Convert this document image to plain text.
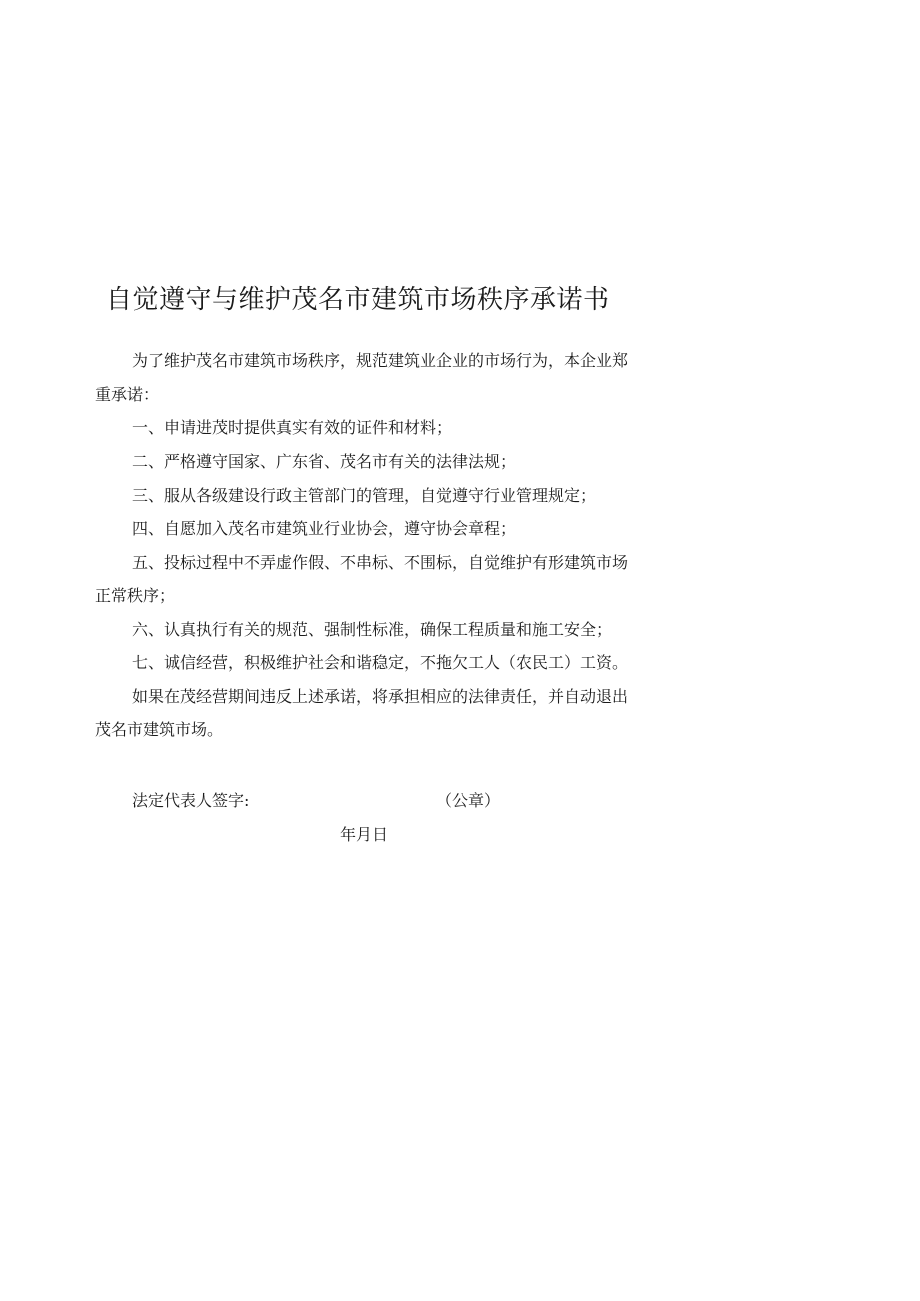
自觉遵守与维护茂名市建筑市场秩序承诺书
为了维护茂名市建筑市场秩序，规范建筑业企业的市场行为，本企业郑
重承诺：
一、申请进茂时提供真实有效的证件和材料；
二、严格遵守国家、广东省、茂名市有关的法律法规；
三、服从各级建设行政主管部门的管理，自觉遵守行业管理规定；
四、自愿加入茂名市建筑业行业协会，遵守协会章程；
五、投标过程中不弄虚作假、不串标、不围标，自觉维护有形建筑市场
正常秩序；
六、认真执行有关的规范、强制性标准，确保工程质量和施工安全；
七、诚信经营，积极维护社会和谐稳定，不拖欠工人（农民工）工资。
如果在茂经营期间违反上述承诺，将承担相应的法律责任，并自动退出
茂名市建筑市场。
法定代表人签字:	（公章）
年月日
